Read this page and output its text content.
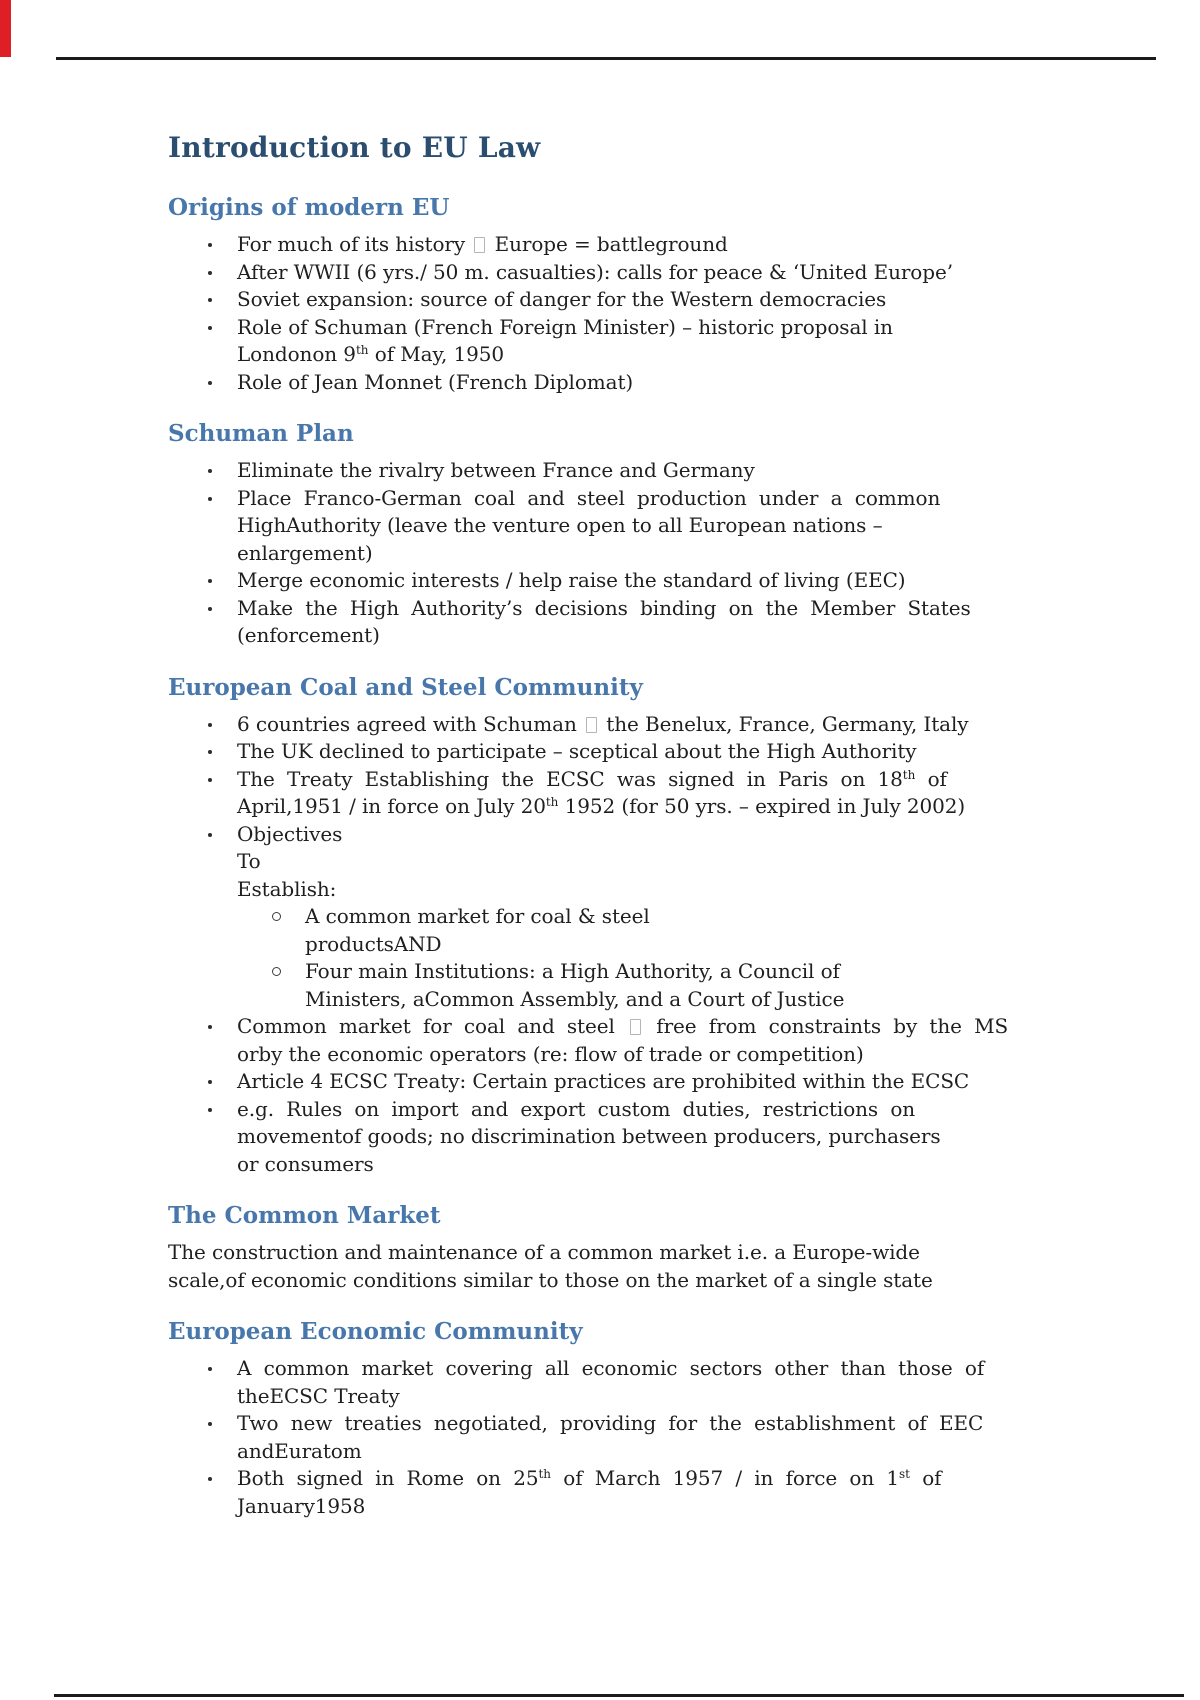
Introduction to EU Law
Origins of modern EU
For much of its history  Europe = battleground
After WWII (6 yrs./ 50 m. casualties): calls for peace & ‘United Europe’
Soviet expansion: source of danger for the Western democracies
Role of Schuman (French Foreign Minister) – historic proposal in
Londonon 9th of May, 1950
Role of Jean Monnet (French Diplomat)
Schuman Plan
Eliminate the rivalry between France and Germany
Place Franco-German coal and steel production under a common
HighAuthority (leave the venture open to all European nations –
enlargement)
Merge economic interests / help raise the standard of living (EEC)
Make the High Authority’s decisions binding on the Member States
(enforcement)
European Coal and Steel Community
6 countries agreed with Schuman  the Benelux, France, Germany, Italy
The UK declined to participate – sceptical about the High Authority
The Treaty Establishing the ECSC was signed in Paris on 18th of
April,1951 / in force on July 20th 1952 (for 50 yrs. – expired in July 2002)
Objectives
To
Establish:
A common market for coal & steel
productsAND
Four main Institutions: a High Authority, a Council of
Ministers, aCommon Assembly, and a Court of Justice
Common market for coal and steel  free from constraints by the MS
orby the economic operators (re: flow of trade or competition)
Article 4 ECSC Treaty: Certain practices are prohibited within the ECSC
e.g. Rules on import and export custom duties, restrictions on
movementof goods; no discrimination between producers, purchasers
or consumers
The Common Market

The construction and maintenance of a common market i.e. a Europe-wide
scale,of economic conditions similar to those on the market of a single state

European Economic Community
A common market covering all economic sectors other than those of
theECSC Treaty
Two new treaties negotiated, providing for the establishment of EEC
andEuratom
Both signed in Rome on 25th of March 1957 / in force on 1st of
January1958
